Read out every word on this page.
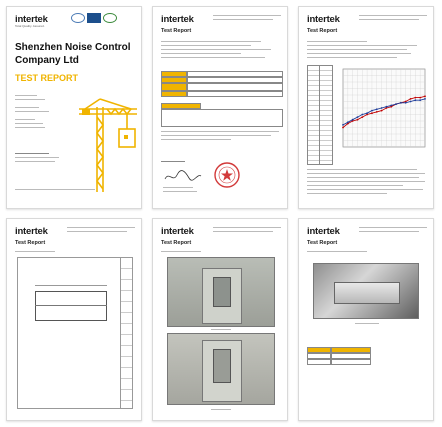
intertek
Total Quality. Assured.
Shenzhen Noise Control Company Ltd
TEST REPORT
intertek
Test Report
intertek
Test Report
intertek
Test Report
intertek
Test Report
intertek
Test Report
